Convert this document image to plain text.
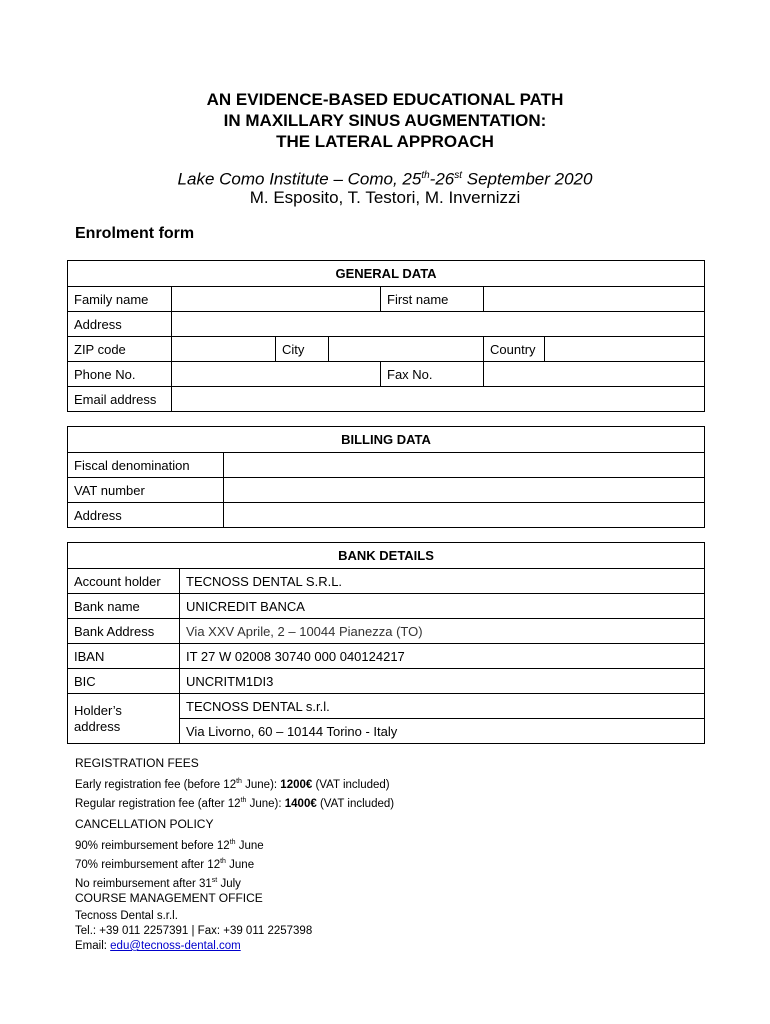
AN EVIDENCE-BASED EDUCATIONAL PATH
IN MAXILLARY SINUS AUGMENTATION:
THE LATERAL APPROACH
Lake Como Institute – Como, 25th-26st September 2020
M. Esposito, T. Testori, M. Invernizzi
Enrolment form
GENERAL DATA						
Family name				First name		
Address						
ZIP code		City			Country	
Phone No.				Fax No.		
Email address						
BILLING DATA	
Fiscal denomination	
VAT number	
Address	
BANK DETAILS	
Account holder	TECNOSS DENTAL S.R.L.
Bank name	UNICREDIT BANCA
Bank Address	Via XXV Aprile, 2 – 10044 Pianezza (TO)
IBAN	IT 27 W 02008 30740 000 040124217
BIC	UNCRITM1DI3
Holder’s
address	TECNOSS DENTAL s.r.l.
	Via Livorno, 60 – 10144 Torino - Italy
REGISTRATION FEES
Early registration fee (before 12th June): 1200€ (VAT included)
Regular registration fee (after 12th June): 1400€ (VAT included)
CANCELLATION POLICY
90% reimbursement before 12th June
70% reimbursement after 12th June
No reimbursement after 31st July
COURSE MANAGEMENT OFFICE
Tecnoss Dental s.r.l.
Tel.: +39 011 2257391 | Fax: +39 011 2257398
Email: edu@tecnoss-dental.com
